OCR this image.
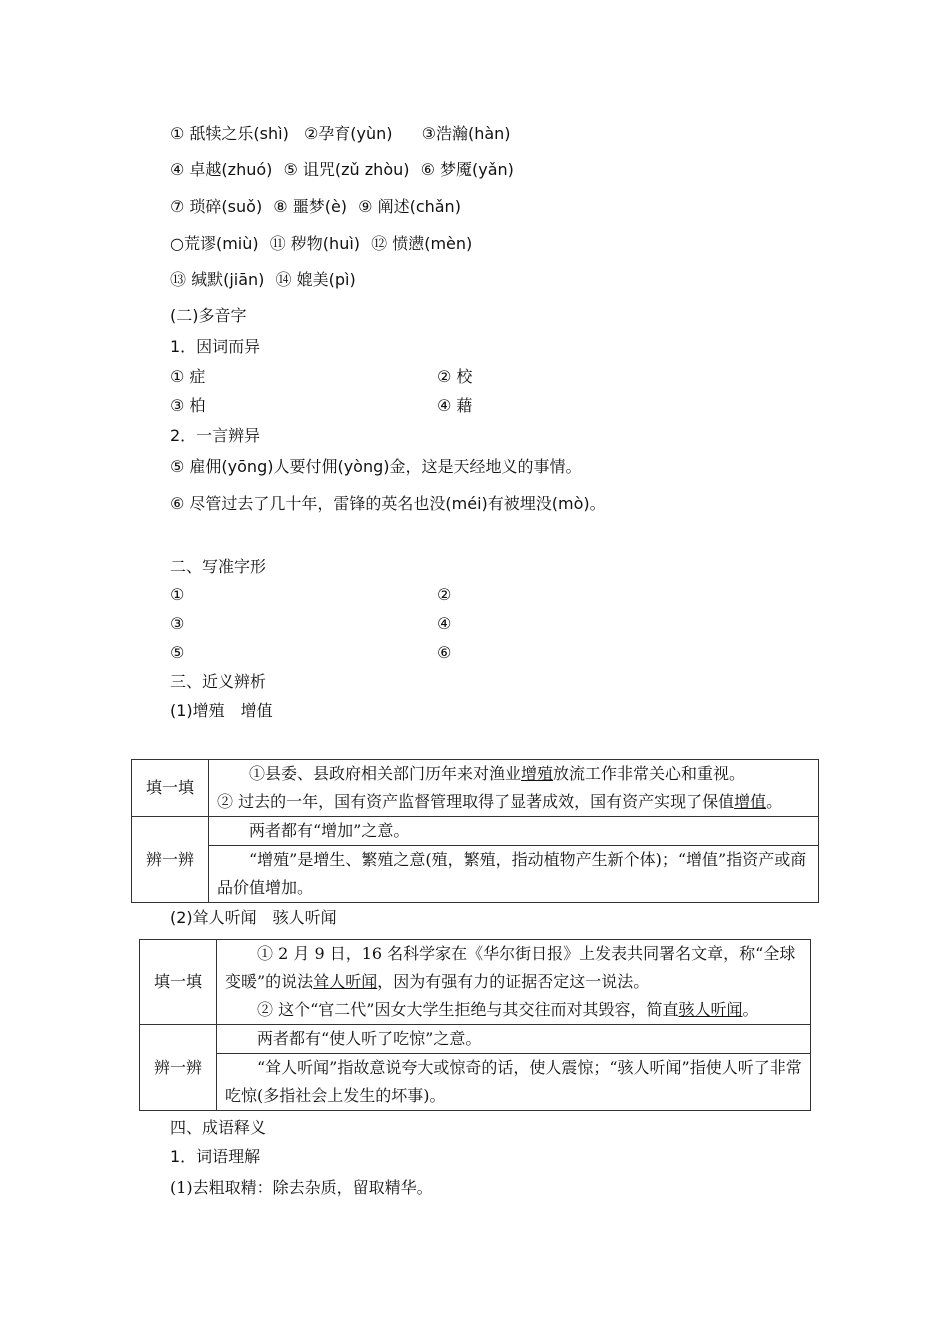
① 舐犊之乐(shì) ②孕育(yùn) ③浩瀚(hàn)
④ 卓越(zhuó) ⑤ 诅咒(zǔ zhòu) ⑥ 梦魇(yǎn)
⑦ 琐碎(suǒ) ⑧ 噩梦(è) ⑨ 阐述(chǎn)
○荒谬(miù) ⑪ 秽物(huì) ⑫ 愤懑(mèn)
⑬ 缄默(jiān) ⑭ 媲美(pì)
(二)多音字
1．因词而异
① 症	② 校
③ 柏	④ 藉
2．一言辨异
⑤ 雇佣(yōng)人要付佣(yòng)金，这是天经地义的事情。
⑥ 尽管过去了几十年，雷锋的英名也没(méi)有被埋没(mò)。
二、写准字形
①	②
③	④
⑤	⑥
三、近义辨析
(1)增殖　增值
填一填	①县委、县政府相关部门历年来对渔业增殖放流工作非常关心和重视。
② 过去的一年，国有资产监督管理取得了显著成效，国有资产实现了保值增值。

辨一辨	两者都有“增加”之意。
“增殖”是增生、繁殖之意(殖，繁殖，指动植物产生新个体)；“增值”指资产或商品价值增加。
(2)耸人听闻　骇人听闻
填一填	① 2 月 9 日，16 名科学家在《华尔街日报》上发表共同署名文章，称“全球变暖”的说法耸人听闻，因为有强有力的证据否定这一说法。
② 这个“官二代”因女大学生拒绝与其交往而对其毁容，简直骇人听闻。

辨一辨	两者都有“使人听了吃惊”之意。
“耸人听闻”指故意说夸大或惊奇的话，使人震惊；“骇人听闻”指使人听了非常吃惊(多指社会上发生的坏事)。
四、成语释义
1．词语理解
(1)去粗取精：除去杂质，留取精华。
